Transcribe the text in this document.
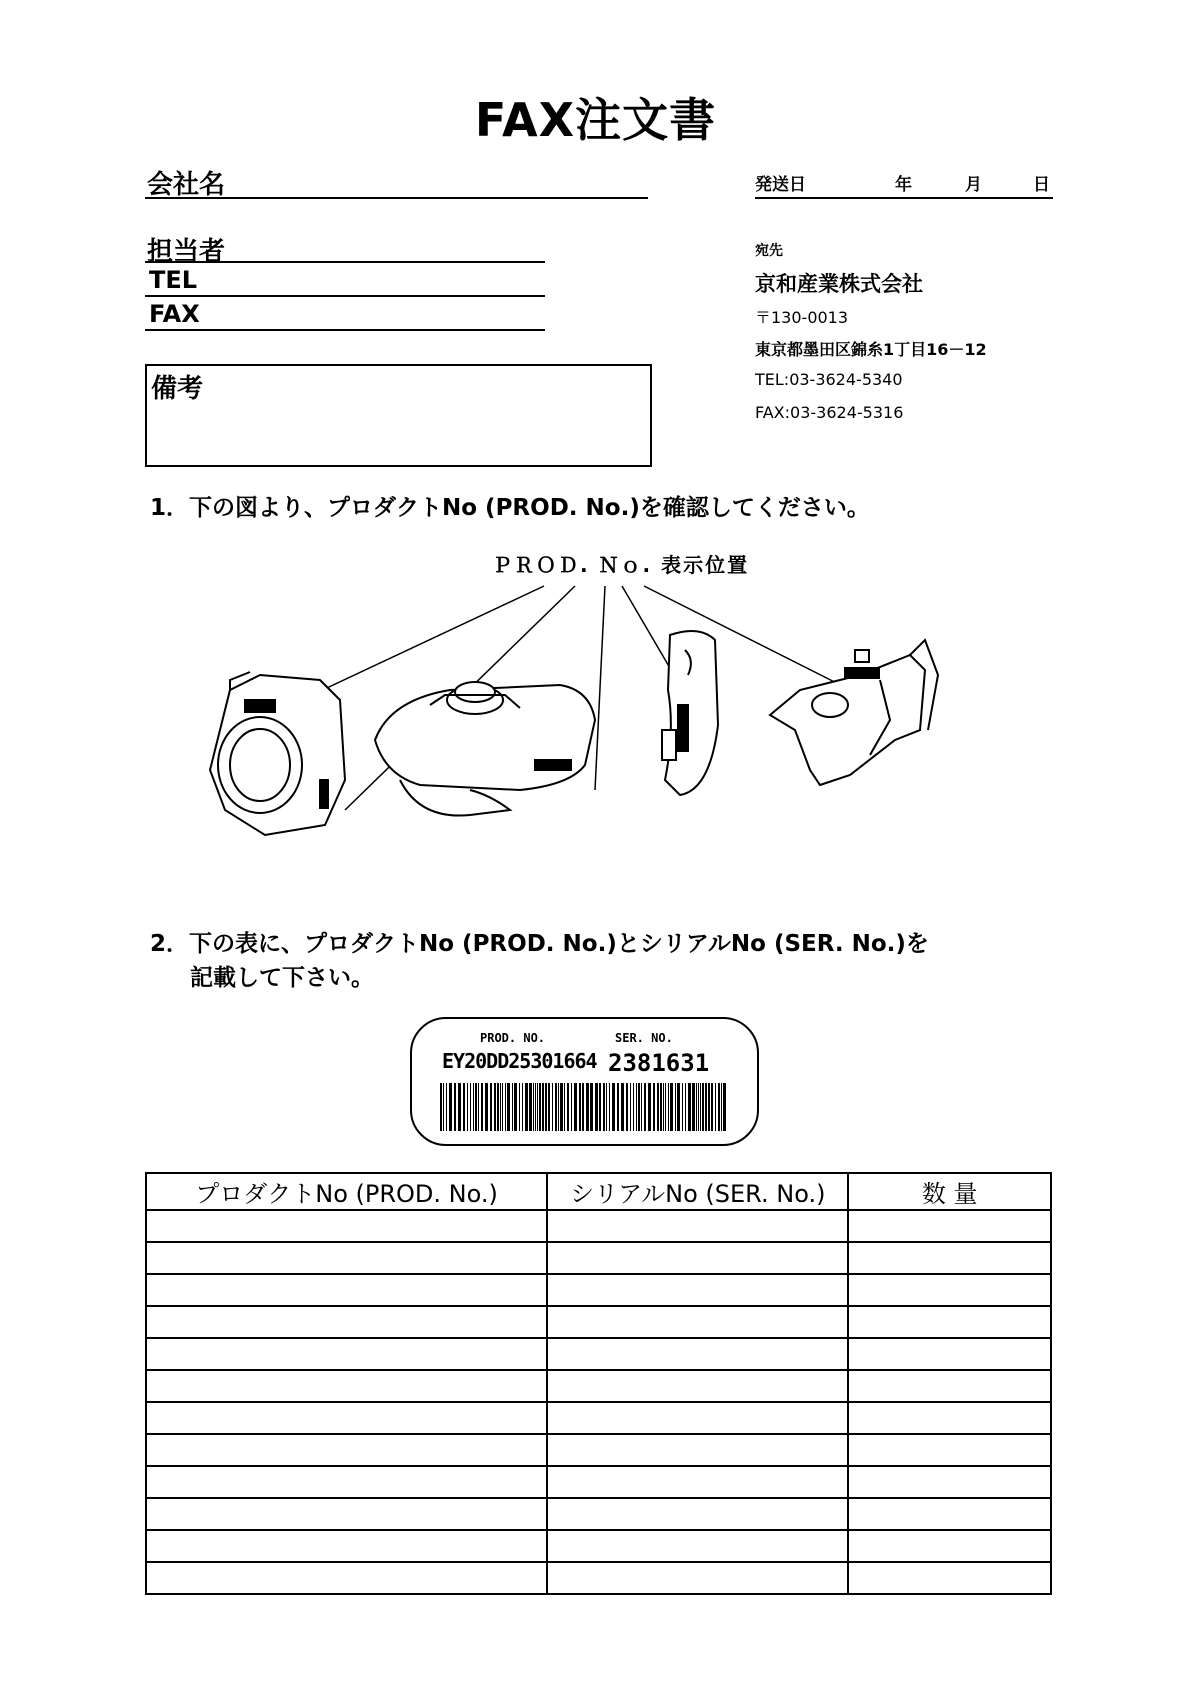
FAX注文書
会社名
担当者
TEL
FAX
備考
発送日	年	月	日
宛先
京和産業株式会社
〒130-0013
東京都墨田区錦糸1丁目16－12
TEL:03-3624-5340
FAX:03-3624-5316
1．下の図より、プロダクトNo (PROD. No.)を確認してください。
ＰＲＯＤ. Ｎｏ. 表示位置
2．下の表に、プロダクトNo (PROD. No.)とシリアルNo (SER. No.)を
記載して下さい。
PROD. NO.	SER. NO.
EY20DD25301664 2381631
プロダクトNo (PROD. No.)	シリアルNo (SER. No.)	数 量
